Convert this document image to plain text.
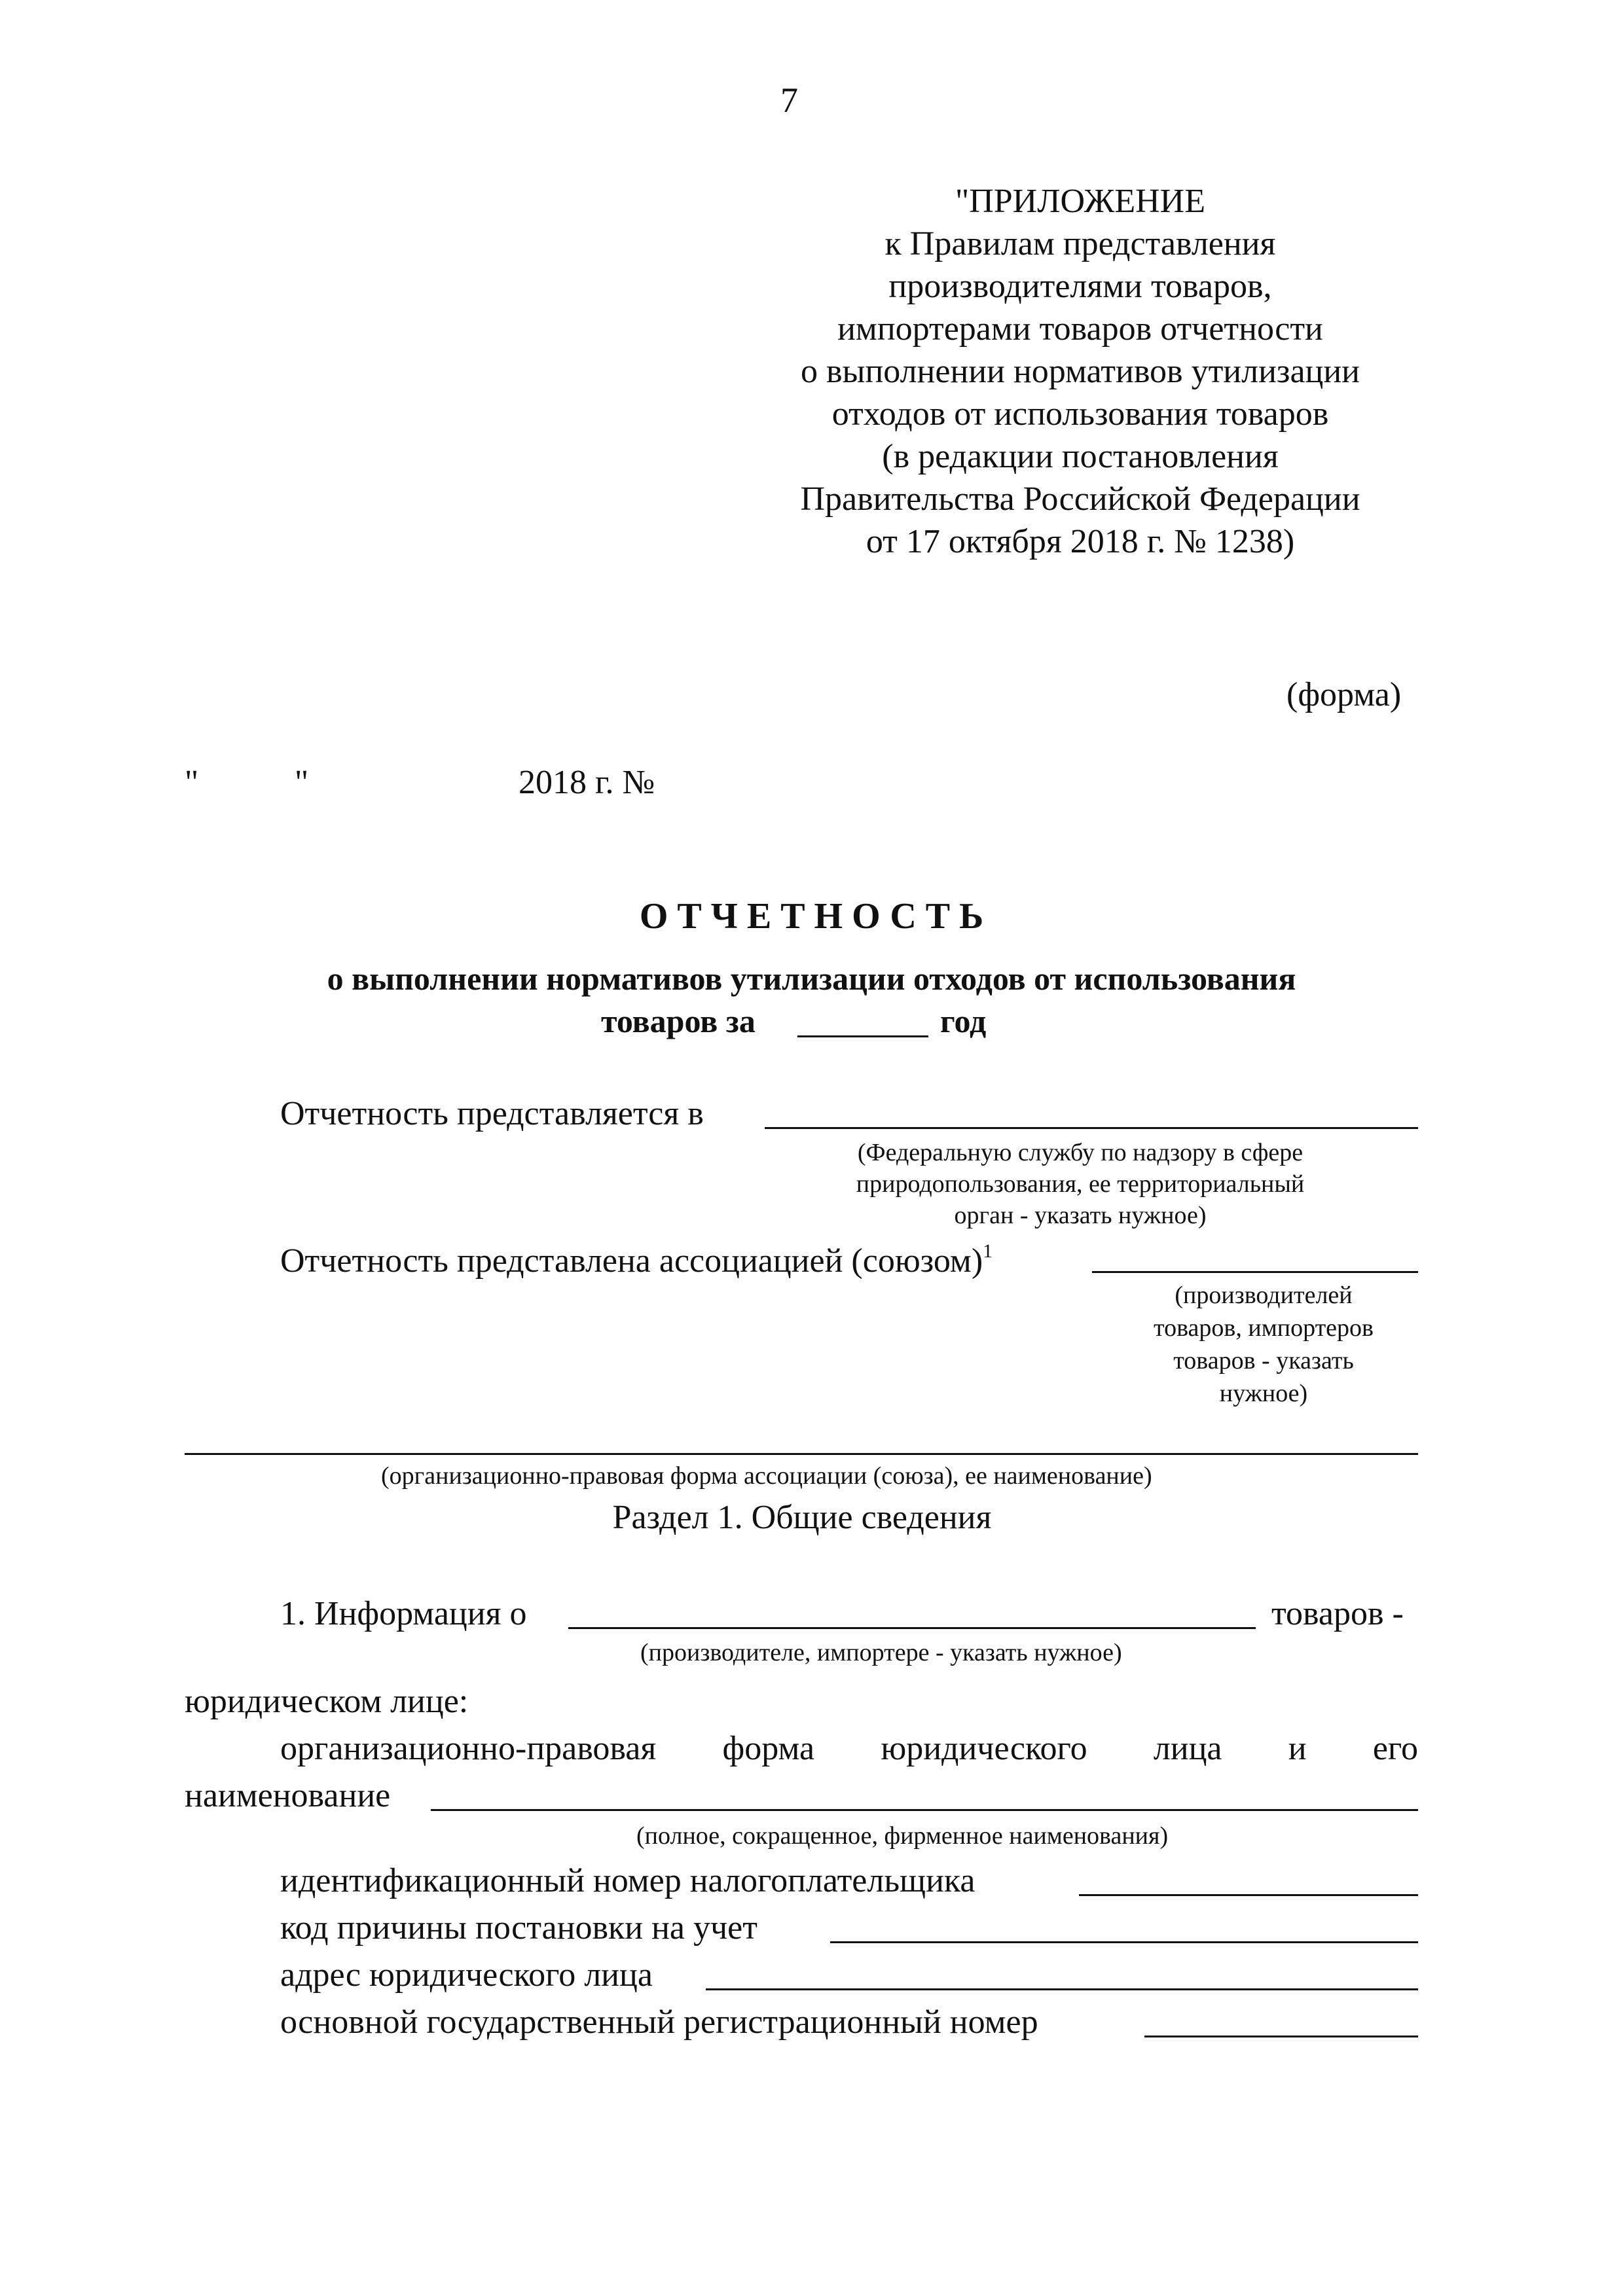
7
"ПРИЛОЖЕНИЕ
к Правилам представления
производителями товаров,
импортерами товаров отчетности
о выполнении нормативов утилизации
отходов от использования товаров
(в редакции постановления
Правительства Российской Федерации
от 17 октября 2018 г. № 1238)
(форма)
"	"	2018 г. №
ОТЧЕТНОСТЬ
о выполнении нормативов утилизации отходов от использования
товаров за	год
Отчетность представляется в
(Федеральную службу по надзору в сфере
природопользования, ее территориальный
орган - указать нужное)
Отчетность представлена ассоциацией (союзом)$^1$
(производителей
товаров, импортеров
товаров - указать
нужное)
(организационно-правовая форма ассоциации (союза), ее наименование)
Раздел 1. Общие сведения
1. Информация о	товаров -
(производителе, импортере - указать нужное)
юридическом лице:
организационно-правовая форма юридического лица и его
наименование
(полное, сокращенное, фирменное наименования)
идентификационный номер налогоплательщика
код причины постановки на учет
адрес юридического лица
основной государственный регистрационный номер
